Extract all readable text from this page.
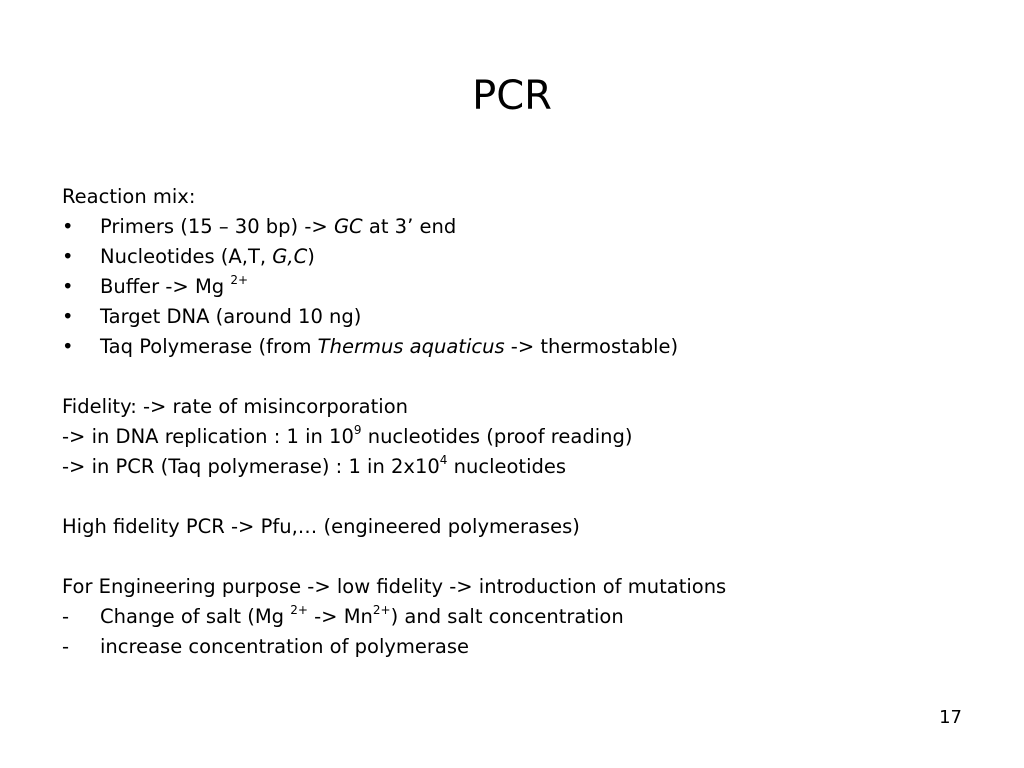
PCR
Reaction mix:
•	Primers (15 – 30 bp) -> GC at 3’ end
•	Nucleotides (A,T, G,C)
•	Buffer -> Mg $^{2+}$
•	Target DNA (around 10 ng)
•	Taq Polymerase (from Thermus aquaticus -> thermostable)
Fidelity: -> rate of misincorporation
-> in DNA replication : 1 in $10^9$ nucleotides (proof reading)
-> in PCR (Taq polymerase) : 1 in $2x10^4$ nucleotides
High fidelity PCR -> Pfu,… (engineered polymerases)
For Engineering purpose -> low fidelity -> introduction of mutations
-	Change of salt (Mg $^{2+} -> Mn^{2+}$) and salt concentration
-	increase concentration of polymerase
17
